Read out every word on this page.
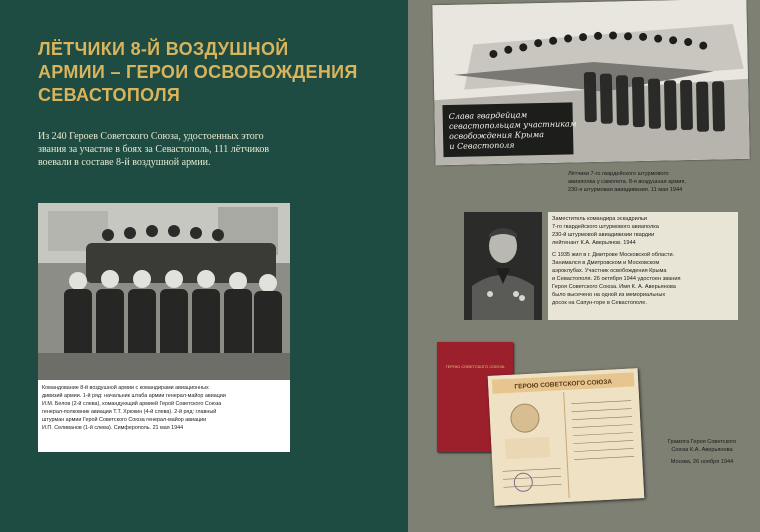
ЛЁТЧИКИ 8-Й ВОЗДУШНОЙ
АРМИИ – ГЕРОИ ОСВОБОЖДЕНИЯ
СЕВАСТОПОЛЯ

Из 240 Героев Советского Союза, удостоенных этого
звания за участие в боях за Севастополь, 111 лётчиков
воевали в составе 8-й воздушной армии.

Командование 8-й воздушной армии с командирами авиационных
дивизий армии. 1-й ряд: начальник штаба армии генерал-майор авиации
И.М. Белов (2-й слева), командующий армией Герой Советского Союза
генерал-полковник авиации Т.Т. Хрюкин (4-й слева). 2-й ряд: главный
штурман армии Герой Советского Союза генерал-майор авиации
И.П. Селиванов (1-й слева). Симферополь. 21 мая 1944
Слава гвардейцам
севастопольцам участникам
освобождения Крыма
и Севастополя
Лётчики 7-го гвардейского штурмового
авиаполка у самолета. 8-я воздушная армия,
230-я штурмовая авиадивизия. 11 мая 1944
Заместитель командира эскадрильи
7-го гвардейского штурмового авиаполка
230-й штурмовой авиадивизии гвардии
лейтенант К.А. Аверьянов. 1944
С 1935 жил в г. Дмитрове Московской области.
Занимался в Дмитровском и Московском
аэроклубах. Участник освобождения Крыма
и Севастополя. 26 октября 1944 удостоен звания
Героя Советского Союза. Имя К. А. Аверьянова
было высечено на одной из мемориальных
досок на Сапун-горе в Севастополе.
ГЕРОЮ СОВЕТСКОГО СОЮЗА
ГЕРОЮ СОВЕТСКОГО СОЮЗА
Грамота Героя Советского
Союза К.А. Аверьянова
Москва, 26 ноября 1944
